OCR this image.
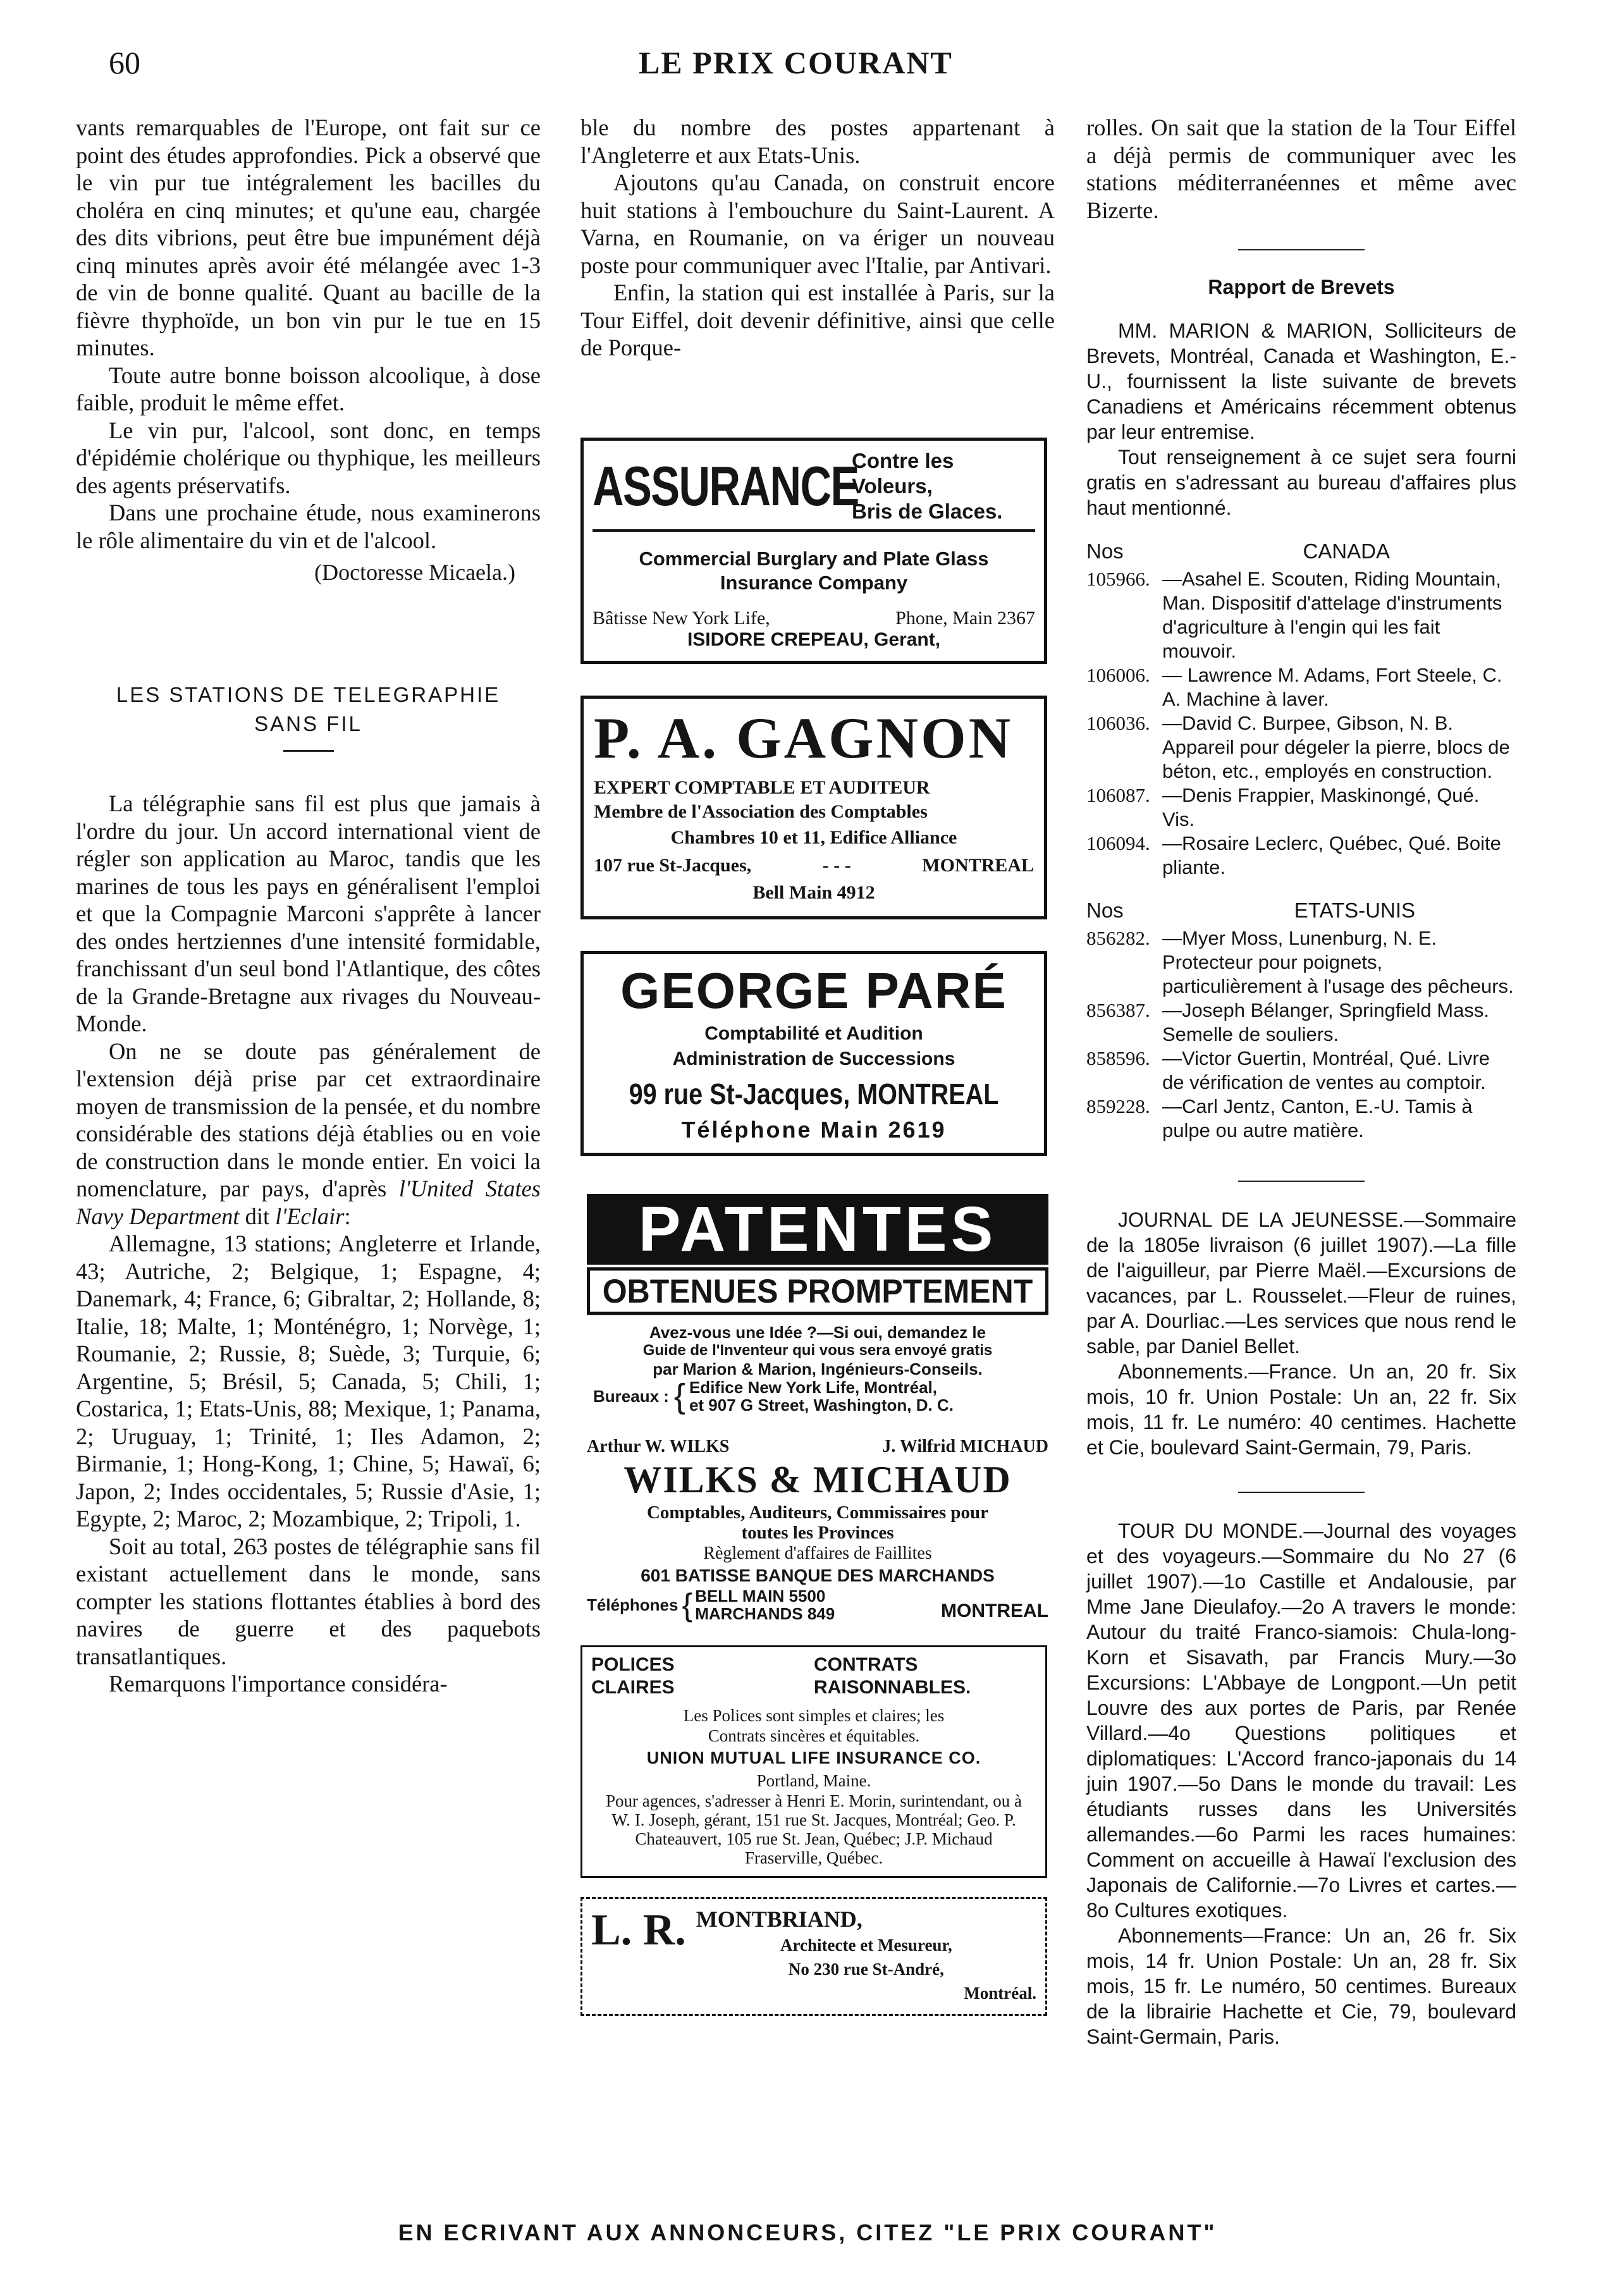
60	LE PRIX COURANT

vants remarquables de l'Europe, ont fait sur ce point des études approfondies. Pick a observé que le vin pur tue intégralement les bacilles du choléra en cinq minutes; et qu'une eau, chargée des dits vibrions, peut être bue impunément déjà cinq minutes après avoir été mélangée avec 1-3 de vin de bonne qualité. Quant au bacille de la fièvre thyphoïde, un bon vin pur le tue en 15 minutes.

Toute autre bonne boisson alcoolique, à dose faible, produit le même effet.

Le vin pur, l'alcool, sont donc, en temps d'épidémie cholérique ou thyphique, les meilleurs des agents préservatifs.

Dans une prochaine étude, nous examinerons le rôle alimentaire du vin et de l'alcool.

(Doctoresse Micaela.)

LES STATIONS DE TELEGRAPHIE
SANS FIL

La télégraphie sans fil est plus que jamais à l'ordre du jour. Un accord international vient de régler son application au Maroc, tandis que les marines de tous les pays en généralisent l'emploi et que la Compagnie Marconi s'apprête à lancer des ondes hertziennes d'une intensité formidable, franchissant d'un seul bond l'Atlantique, des côtes de la Grande-Bretagne aux rivages du Nouveau-Monde.

On ne se doute pas généralement de l'extension déjà prise par cet extraordinaire moyen de transmission de la pensée, et du nombre considérable des stations déjà établies ou en voie de construction dans le monde entier. En voici la nomenclature, par pays, d'après l'United States Navy Department dit l'Eclair:

Allemagne, 13 stations; Angleterre et Irlande, 43; Autriche, 2; Belgique, 1; Espagne, 4; Danemark, 4; France, 6; Gibraltar, 2; Hollande, 8; Italie, 18; Malte, 1; Monténégro, 1; Norvège, 1; Roumanie, 2; Russie, 8; Suède, 3; Turquie, 6; Argentine, 5; Brésil, 5; Canada, 5; Chili, 1; Costarica, 1; Etats-Unis, 88; Mexique, 1; Panama, 2; Uruguay, 1; Trinité, 1; Iles Adamon, 2; Birmanie, 1; Hong-Kong, 1; Chine, 5; Hawaï, 6; Japon, 2; Indes occidentales, 5; Russie d'Asie, 1; Egypte, 2; Maroc, 2; Mozambique, 2; Tripoli, 1.

Soit au total, 263 postes de télégraphie sans fil existant actuellement dans le monde, sans compter les stations flottantes établies à bord des navires de guerre et des paquebots transatlantiques.

Remarquons l'importance considéra-

ble du nombre des postes appartenant à l'Angleterre et aux Etats-Unis.

Ajoutons qu'au Canada, on construit encore huit stations à l'embouchure du Saint-Laurent. A Varna, en Roumanie, on va ériger un nouveau poste pour communiquer avec l'Italie, par Antivari.

Enfin, la station qui est installée à Paris, sur la Tour Eiffel, doit devenir définitive, ainsi que celle de Porque-

ASSURANCE
Contre les Voleurs,
Bris de Glaces.
Commercial Burglary and Plate Glass
Insurance Company
Bâtisse New York Life,	Phone, Main 2367
ISIDORE CREPEAU, Gerant,
P. A. GAGNON
EXPERT COMPTABLE ET AUDITEUR
Membre de l'Association des Comptables
Chambres 10 et 11, Edifice Alliance
107 rue St-Jacques,	- - -	MONTREAL
Bell Main 4912
GEORGE PARÉ
Comptabilité et Audition
Administration de Successions
99 rue St-Jacques, MONTREAL
Téléphone Main 2619
PATENTES
OBTENUES PROMPTEMENT
Avez-vous une Idée ?—Si oui, demandez le
Guide de l'Inventeur qui vous sera envoyé gratis
par Marion & Marion, Ingénieurs-Conseils.
Bureaux : { Edifice New York Life, Montréal,
et 907 G Street, Washington, D. C.
Arthur W. WILKS	J. Wilfrid MICHAUD
WILKS & MICHAUD
Comptables, Auditeurs, Commissaires pour
toutes les Provinces
Règlement d'affaires de Faillites
601 BATISSE BANQUE DES MARCHANDS
Téléphones { BELL MAIN 5500
MARCHANDS 849	MONTREAL
POLICES	CONTRATS
CLAIRES	RAISONNABLES.
Les Polices sont simples et claires; les
Contrats sincères et équitables.
UNION MUTUAL LIFE INSURANCE CO.
Portland, Maine.
Pour agences, s'adresser à Henri E. Morin, surintendant, ou à W. I. Joseph, gérant, 151 rue St. Jacques, Montréal; Geo. P. Chateauvert, 105 rue St. Jean, Québec; J.P. Michaud Fraserville, Québec.
L. R. MONTBRIAND,
Architecte et Mesureur,
No 230 rue St-André,
Montréal.

rolles. On sait que la station de la Tour Eiffel a déjà permis de communiquer avec les stations méditerranéennes et même avec Bizerte.

Rapport de Brevets

MM. MARION & MARION, Solliciteurs de Brevets, Montréal, Canada et Washington, E.-U., fournissent la liste suivante de brevets Canadiens et Américains récemment obtenus par leur entremise.

Tout renseignement à ce sujet sera fourni gratis en s'adressant au bureau d'affaires plus haut mentionné.

Nos	CANADA
105966. —Asahel E. Scouten, Riding Mountain, Man. Dispositif d'attelage d'instruments d'agriculture à l'engin qui les fait mouvoir.
106006. — Lawrence M. Adams, Fort Steele, C. A. Machine à laver.
106036. —David C. Burpee, Gibson, N. B. Appareil pour dégeler la pierre, blocs de béton, etc., employés en construction.
106087. —Denis Frappier, Maskinongé, Qué. Vis.
106094. —Rosaire Leclerc, Québec, Qué. Boite pliante.
Nos	ETATS-UNIS
856282. —Myer Moss, Lunenburg, N. E. Protecteur pour poignets, particulièrement à l'usage des pêcheurs.
856387. —Joseph Bélanger, Springfield Mass. Semelle de souliers.
858596. —Victor Guertin, Montréal, Qué. Livre de vérification de ventes au comptoir.
859228. —Carl Jentz, Canton, E.-U. Tamis à pulpe ou autre matière.

JOURNAL DE LA JEUNESSE.—Sommaire de la 1805e livraison (6 juillet 1907).—La fille de l'aiguilleur, par Pierre Maël.—Excursions de vacances, par L. Rousselet.—Fleur de ruines, par A. Dourliac.—Les services que nous rend le sable, par Daniel Bellet.

Abonnements.—France. Un an, 20 fr. Six mois, 10 fr. Union Postale: Un an, 22 fr. Six mois, 11 fr. Le numéro: 40 centimes. Hachette et Cie, boulevard Saint-Germain, 79, Paris.

TOUR DU MONDE.—Journal des voyages et des voyageurs.—Sommaire du No 27 (6 juillet 1907).—1o Castille et Andalousie, par Mme Jane Dieulafoy.—2o A travers le monde: Autour du traité Franco-siamois: Chula-long-Korn et Sisavath, par Francis Mury.—3o Excursions: L'Abbaye de Longpont.—Un petit Louvre des aux portes de Paris, par Renée Villard.—4o Questions politiques et diplomatiques: L'Accord franco-japonais du 14 juin 1907.—5o Dans le monde du travail: Les étudiants russes dans les Universités allemandes.—6o Parmi les races humaines: Comment on accueille à Hawaï l'exclusion des Japonais de Californie.—7o Livres et cartes.—8o Cultures exotiques.

Abonnements—France: Un an, 26 fr. Six mois, 14 fr. Union Postale: Un an, 28 fr. Six mois, 15 fr. Le numéro, 50 centimes. Bureaux de la librairie Hachette et Cie, 79, boulevard Saint-Germain, Paris.

EN ECRIVANT AUX ANNONCEURS, CITEZ "LE PRIX COURANT"
